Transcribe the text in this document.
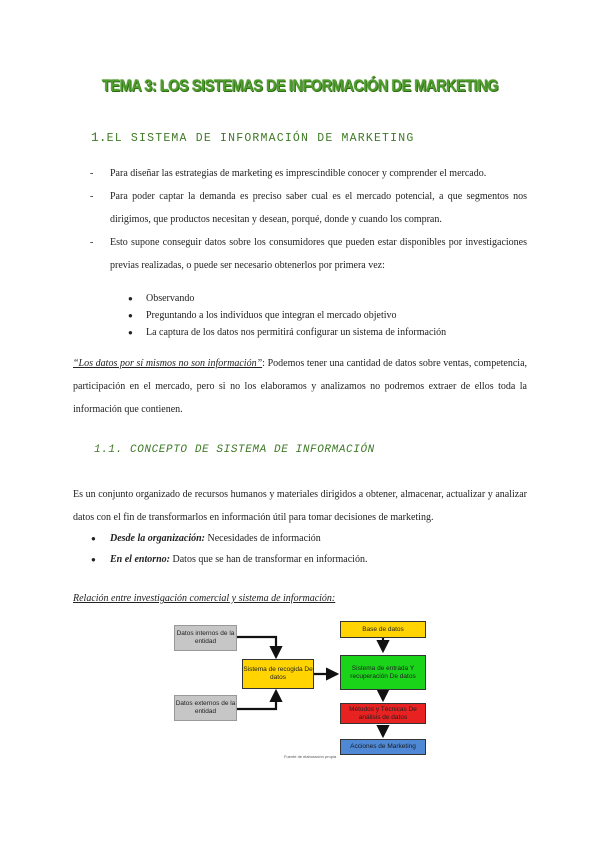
TEMA 3: LOS SISTEMAS DE INFORMACIÓN DE MARKETING
1.EL SISTEMA DE INFORMACIÓN DE MARKETING
- Para diseñar las estrategias de marketing es imprescindible conocer y comprender el mercado.
- Para poder captar la demanda es preciso saber cual es el mercado potencial, a que segmentos nos dirigimos, que productos necesitan y desean, porqué, donde y cuando los compran.
- Esto supone conseguir datos sobre los consumidores que pueden estar disponibles por investigaciones previas realizadas, o puede ser necesario obtenerlos por primera vez:
● Observando
● Preguntando a los individuos que integran el mercado objetivo
● La captura de los datos nos permitirá configurar un sistema de información

“Los datos por sí mismos no son información”: Podemos tener una cantidad de datos sobre ventas, competencia, participación en el mercado, pero si no los elaboramos y analizamos no podremos extraer de ellos toda la información que contienen.

1.1. CONCEPTO DE SISTEMA DE INFORMACIÓN

Es un conjunto organizado de recursos humanos y materiales dirigidos a obtener, almacenar, actualizar y analizar datos con el fin de transformarlos en información útil para tomar decisiones de marketing.

● Desde la organización: Necesidades de información
● En el entorno: Datos que se han de transformar en información.
Relación entre investigación comercial y sistema de información:
Datos internos de la entidad
Datos externos de la entidad
Sistema de recogida De datos
Base de datos
Sistema de entrada Y recuperación De datos
Métodos y Técnicas De análisis de datos
Acciones de Marketing
Fuente de elaboración propia
